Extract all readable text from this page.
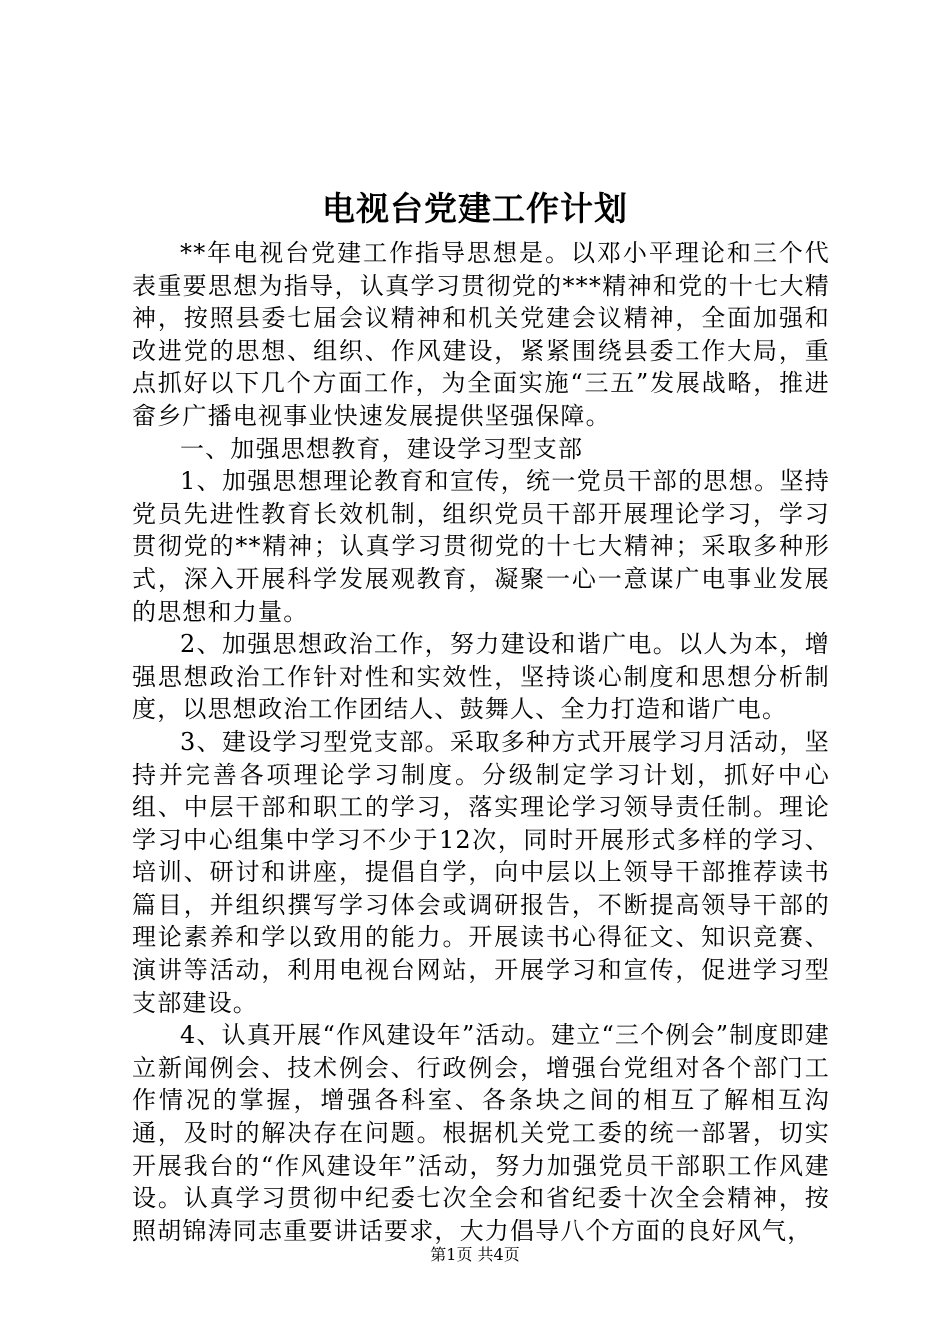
电视台党建工作计划

**年电视台党建工作指导思想是。以邓小平理论和三个代表重要思想为指导，认真学习贯彻党的***精神和党的十七大精神，按照县委七届会议精神和机关党建会议精神，全面加强和改进党的思想、组织、作风建设，紧紧围绕县委工作大局，重点抓好以下几个方面工作，为全面实施“三五”发展战略，推进畲乡广播电视事业快速发展提供坚强保障。

一、加强思想教育，建设学习型支部

1、加强思想理论教育和宣传，统一党员干部的思想。坚持党员先进性教育长效机制，组织党员干部开展理论学习，学习贯彻党的**精神；认真学习贯彻党的十七大精神；采取多种形式，深入开展科学发展观教育，凝聚一心一意谋广电事业发展的思想和力量。

2、加强思想政治工作，努力建设和谐广电。以人为本，增强思想政治工作针对性和实效性，坚持谈心制度和思想分析制度，以思想政治工作团结人、鼓舞人、全力打造和谐广电。

3、建设学习型党支部。采取多种方式开展学习月活动，坚持并完善各项理论学习制度。分级制定学习计划，抓好中心组、中层干部和职工的学习，落实理论学习领导责任制。理论学习中心组集中学习不少于12次，同时开展形式多样的学习、培训、研讨和讲座，提倡自学，向中层以上领导干部推荐读书篇目，并组织撰写学习体会或调研报告，不断提高领导干部的理论素养和学以致用的能力。开展读书心得征文、知识竞赛、演讲等活动，利用电视台网站，开展学习和宣传，促进学习型支部建设。

4、认真开展“作风建设年”活动。建立“三个例会”制度即建立新闻例会、技术例会、行政例会，增强台党组对各个部门工作情况的掌握，增强各科室、各条块之间的相互了解相互沟通，及时的解决存在问题。根据机关党工委的统一部署，切实开展我台的“作风建设年”活动，努力加强党员干部职工作风建设。认真学习贯彻中纪委七次全会和省纪委十次全会精神，按照胡锦涛同志重要讲话要求，大力倡导八个方面的良好风气，

第1页 共4页
